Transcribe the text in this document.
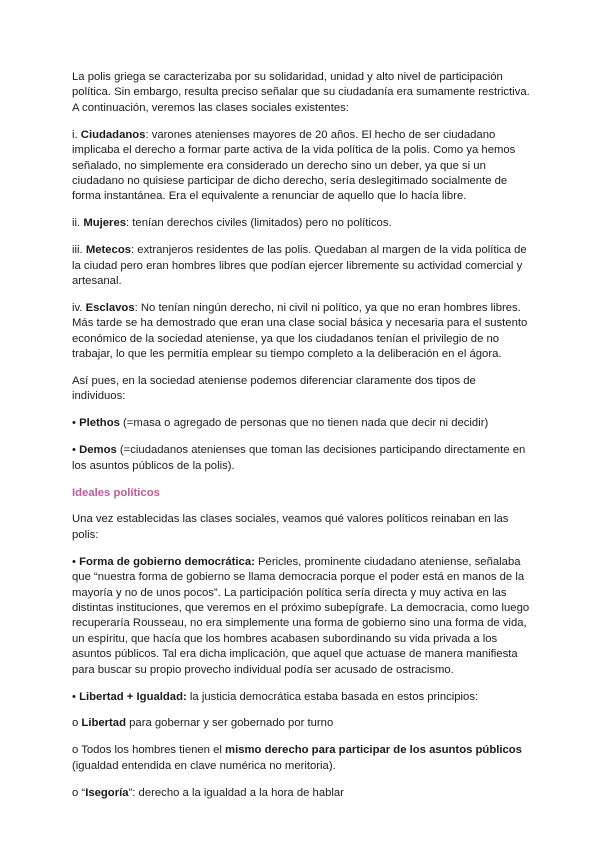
La polis griega se caracterizaba por su solidaridad, unidad y alto nivel de participación política. Sin embargo, resulta preciso señalar que su ciudadanía era sumamente restrictiva. A continuación, veremos las clases sociales existentes:

i. Ciudadanos: varones atenienses mayores de 20 años. El hecho de ser ciudadano implicaba el derecho a formar parte activa de la vida política de la polis. Como ya hemos señalado, no simplemente era considerado un derecho sino un deber, ya que si un ciudadano no quisiese participar de dicho derecho, sería deslegitimado socialmente de forma instantánea. Era el equivalente a renunciar de aquello que lo hacía libre.

ii. Mujeres: tenían derechos civiles (limitados) pero no políticos.

iii. Metecos: extranjeros residentes de las polis. Quedaban al margen de la vida política de la ciudad pero eran hombres libres que podían ejercer libremente su actividad comercial y artesanal.

iv. Esclavos: No tenían ningún derecho, ni civil ni político, ya que no eran hombres libres. Más tarde se ha demostrado que eran una clase social básica y necesaria para el sustento económico de la sociedad ateniense, ya que los ciudadanos tenían el privilegio de no trabajar, lo que les permitía emplear su tiempo completo a la deliberación en el ágora.

Así pues, en la sociedad ateniense podemos diferenciar claramente dos tipos de individuos:

• Plethos (=masa o agregado de personas que no tienen nada que decir ni decidir)

• Demos (=ciudadanos atenienses que toman las decisiones participando directamente en los asuntos públicos de la polis).

Ideales políticos

Una vez establecidas las clases sociales, veamos qué valores políticos reinaban en las polis:

• Forma de gobierno democrática: Pericles, prominente ciudadano ateniense, señalaba que “nuestra forma de gobierno se llama democracia porque el poder está en manos de la mayoría y no de unos pocos”. La participación política sería directa y muy activa en las distintas instituciones, que veremos en el próximo subepígrafe. La democracia, como luego recuperaría Rousseau, no era simplemente una forma de gobierno sino una forma de vida, un espíritu, que hacía que los hombres acabasen subordinando su vida privada a los asuntos públicos. Tal era dicha implicación, que aquel que actuase de manera manifiesta para buscar su propio provecho individual podía ser acusado de ostracismo.

• Libertad + Igualdad: la justicia democrática estaba basada en estos principios:

o Libertad para gobernar y ser gobernado por turno

o Todos los hombres tienen el mismo derecho para participar de los asuntos públicos (igualdad entendida en clave numérica no meritoria).

o “Isegoría”: derecho a la igualdad a la hora de hablar
